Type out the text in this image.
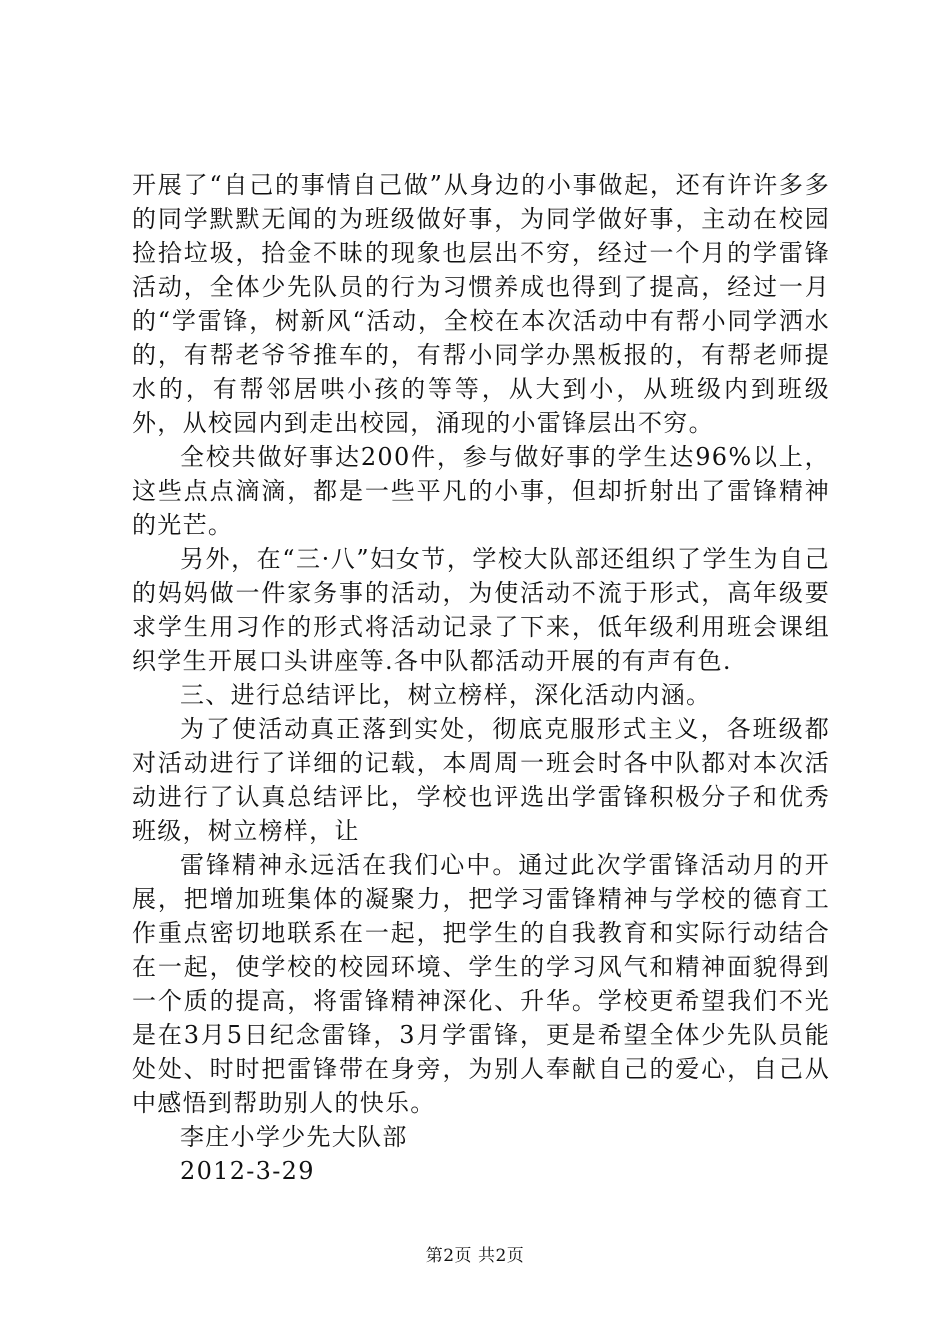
开展了“自己的事情自己做”从身边的小事做起，还有许许多多的同学默默无闻的为班级做好事，为同学做好事，主动在校园捡拾垃圾，拾金不昧的现象也层出不穷，经过一个月的学雷锋活动，全体少先队员的行为习惯养成也得到了提高，经过一月的“学雷锋，树新风“活动，全校在本次活动中有帮小同学洒水的，有帮老爷爷推车的，有帮小同学办黑板报的，有帮老师提水的，有帮邻居哄小孩的等等，从大到小，从班级内到班级外，从校园内到走出校园，涌现的小雷锋层出不穷。

全校共做好事达200件，参与做好事的学生达96%以上，这些点点滴滴，都是一些平凡的小事，但却折射出了雷锋精神的光芒。

另外，在“三·八”妇女节，学校大队部还组织了学生为自己的妈妈做一件家务事的活动，为使活动不流于形式，高年级要求学生用习作的形式将活动记录了下来，低年级利用班会课组织学生开展口头讲座等.各中队都活动开展的有声有色.

三、进行总结评比，树立榜样，深化活动内涵。

为了使活动真正落到实处，彻底克服形式主义，各班级都对活动进行了详细的记载，本周周一班会时各中队都对本次活动进行了认真总结评比，学校也评选出学雷锋积极分子和优秀班级，树立榜样，让

雷锋精神永远活在我们心中。通过此次学雷锋活动月的开展，把增加班集体的凝聚力，把学习雷锋精神与学校的德育工作重点密切地联系在一起，把学生的自我教育和实际行动结合在一起，使学校的校园环境、学生的学习风气和精神面貌得到一个质的提高，将雷锋精神深化、升华。学校更希望我们不光是在3月5日纪念雷锋，3月学雷锋，更是希望全体少先队员能处处、时时把雷锋带在身旁，为别人奉献自己的爱心，自己从中感悟到帮助别人的快乐。

李庄小学少先大队部

2012-3-29

第2页 共2页
